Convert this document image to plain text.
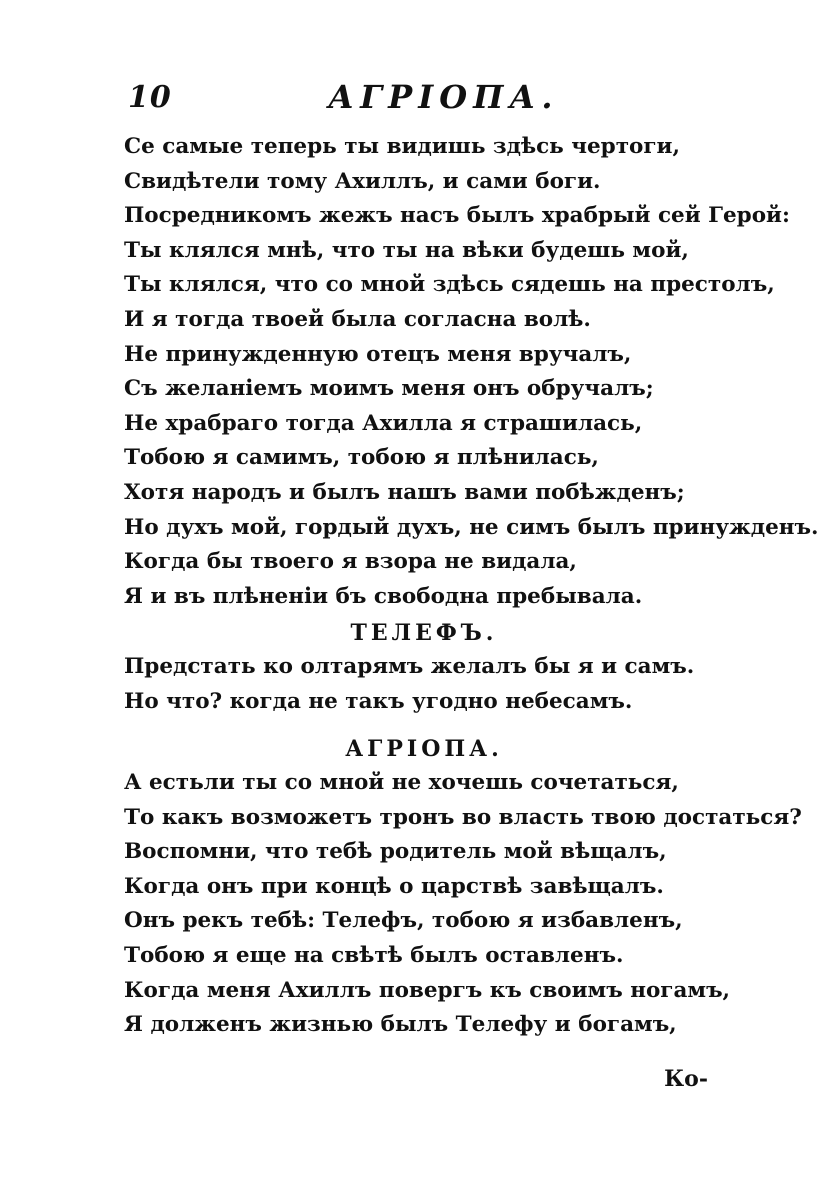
10	АГРІОПА.
Се самые теперь ты видишь здѣсь чертоги,
Свидѣтели тому Ахиллъ, и сами боги.
Посредникомъ жежъ насъ былъ храбрый сей Герой:
Ты клялся мнѣ, что ты на вѣки будешь мой,
Ты клялся, что со мной здѣсь сядешь на престолъ,
И я тогда твоей была согласна волѣ.
Не принужденную отецъ меня вручалъ,
Съ желаніемъ моимъ меня онъ обручалъ;
Не храбраго тогда Ахилла я страшилась,
Тобою я самимъ, тобою я плѣнилась,
Хотя народъ и былъ нашъ вами побѣжденъ;
Но духъ мой, гордый духъ, не симъ былъ принужденъ.
Когда бы твоего я взора не видала,
Я и въ плѣненіи бъ свободна пребывала.
ТЕЛЕФЪ.
Предстать ко олтарямъ желалъ бы я и самъ.
Но что? когда не такъ угодно небесамъ.
АГРІОПА.
А естьли ты со мной не хочешь сочетаться,
То какъ возможетъ тронъ во власть твою достаться?
Воспомни, что тебѣ родитель мой вѣщалъ,
Когда онъ при концѣ о царствѣ завѣщалъ.
Онъ рекъ тебѣ: Телефъ, тобою я избавленъ,
Тобою я еще на свѣтѣ былъ оставленъ.
Когда меня Ахиллъ повергъ къ своимъ ногамъ,
Я долженъ жизнью былъ Телефу и богамъ,
Ко-
